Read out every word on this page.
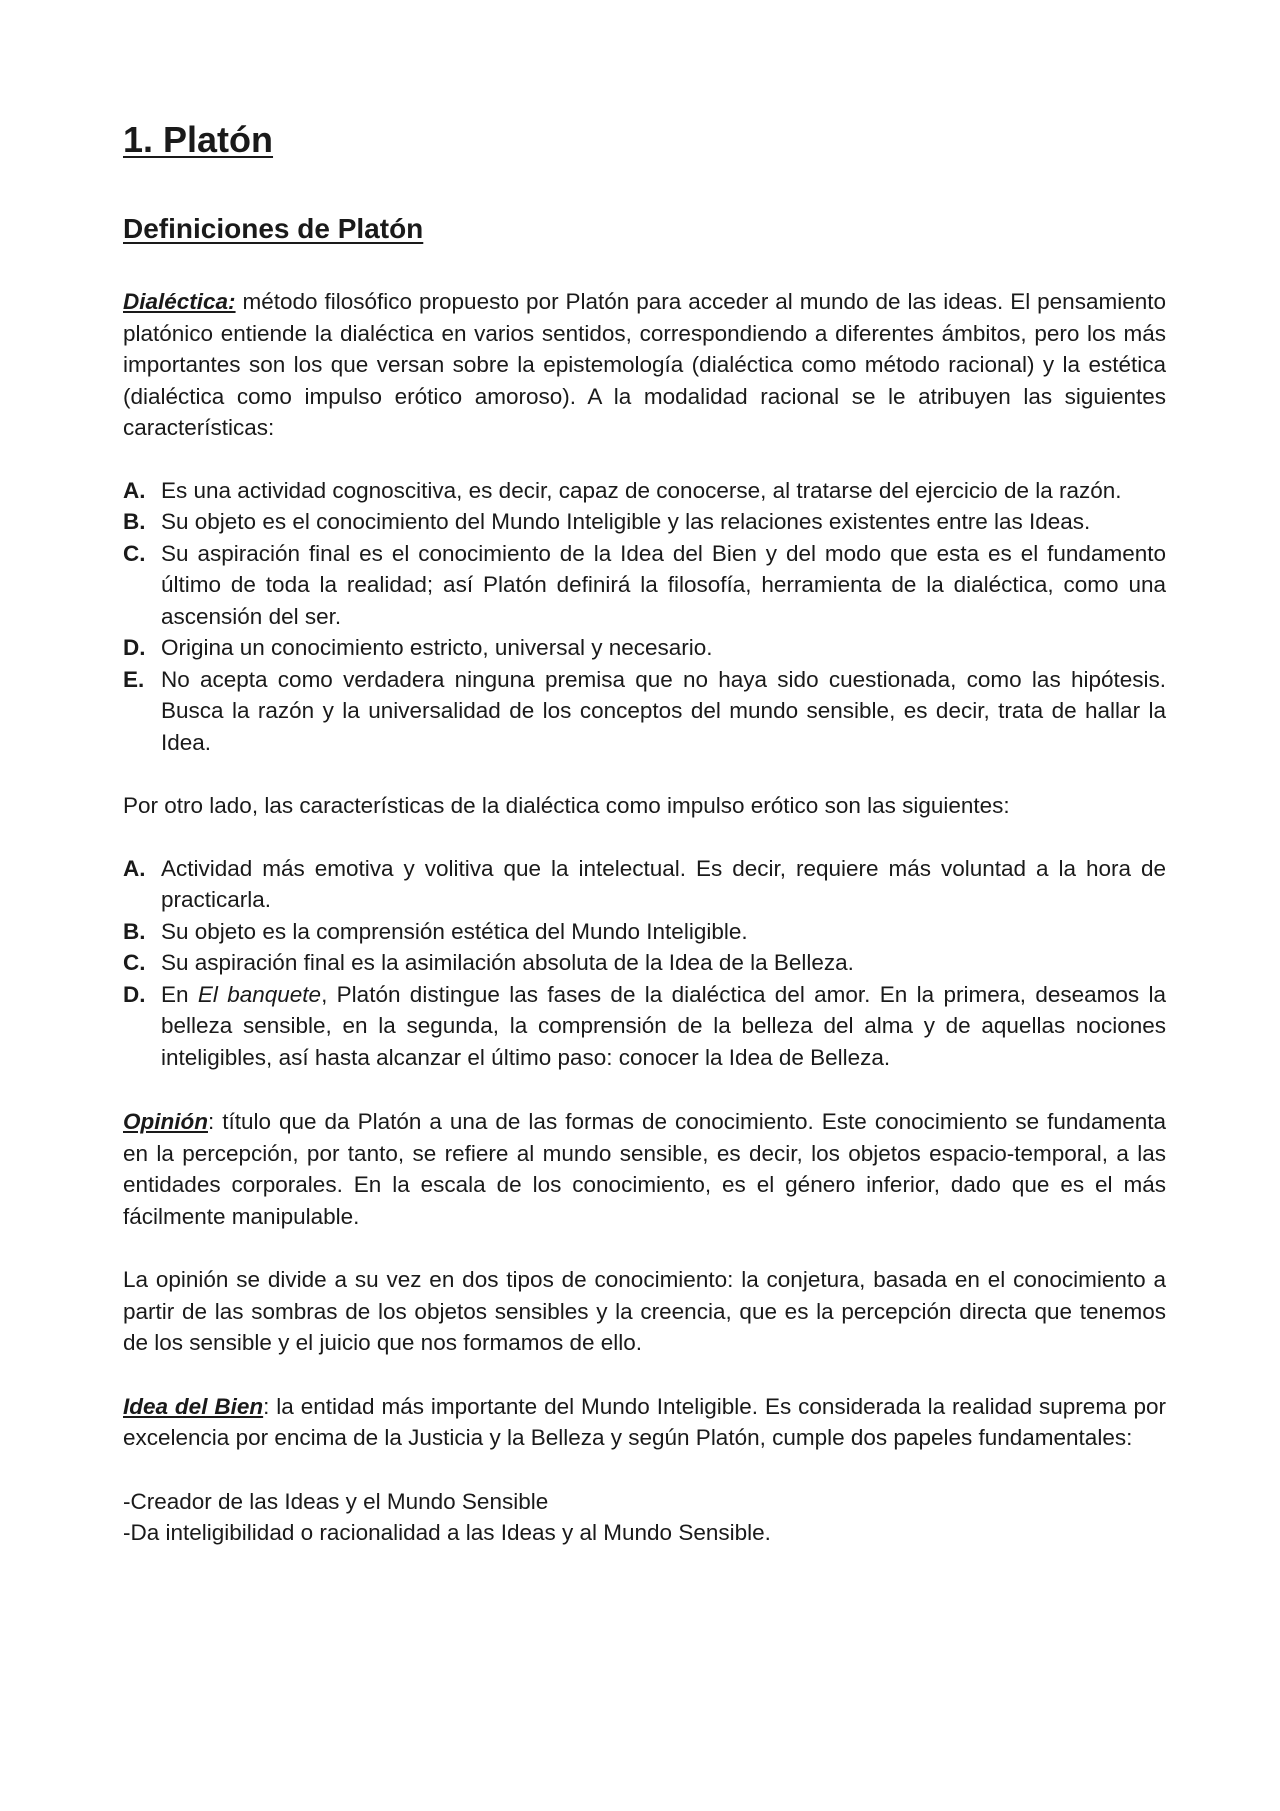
1. Platón
Definiciones de Platón

Dialéctica: método filosófico propuesto por Platón para acceder al mundo de las ideas. El pensamiento platónico entiende la dialéctica en varios sentidos, correspondiendo a diferentes ámbitos, pero los más importantes son los que versan sobre la epistemología (dialéctica como método racional) y la estética (dialéctica como impulso erótico amoroso). A la modalidad racional se le atribuyen las siguientes características:

A. Es una actividad cognoscitiva, es decir, capaz de conocerse, al tratarse del ejercicio de la razón.
B. Su objeto es el conocimiento del Mundo Inteligible y las relaciones existentes entre las Ideas.
C. Su aspiración final es el conocimiento de la Idea del Bien y del modo que esta es el fundamento último de toda la realidad; así Platón definirá la filosofía, herramienta de la dialéctica, como una ascensión del ser.
D. Origina un conocimiento estricto, universal y necesario.
E. No acepta como verdadera ninguna premisa que no haya sido cuestionada, como las hipótesis. Busca la razón y la universalidad de los conceptos del mundo sensible, es decir, trata de hallar la Idea.

Por otro lado, las características de la dialéctica como impulso erótico son las siguientes:

A. Actividad más emotiva y volitiva que la intelectual. Es decir, requiere más voluntad a la hora de practicarla.
B. Su objeto es la comprensión estética del Mundo Inteligible.
C. Su aspiración final es la asimilación absoluta de la Idea de la Belleza.
D. En El banquete, Platón distingue las fases de la dialéctica del amor. En la primera, deseamos la belleza sensible, en la segunda, la comprensión de la belleza del alma y de aquellas nociones inteligibles, así hasta alcanzar el último paso: conocer la Idea de Belleza.

Opinión: título que da Platón a una de las formas de conocimiento. Este conocimiento se fundamenta en la percepción, por tanto, se refiere al mundo sensible, es decir, los objetos espacio-temporal, a las entidades corporales. En la escala de los conocimiento, es el género inferior, dado que es el más fácilmente manipulable.

La opinión se divide a su vez en dos tipos de conocimiento: la conjetura, basada en el conocimiento a partir de las sombras de los objetos sensibles y la creencia, que es la percepción directa que tenemos de los sensible y el juicio que nos formamos de ello.

Idea del Bien: la entidad más importante del Mundo Inteligible. Es considerada la realidad suprema por excelencia por encima de la Justicia y la Belleza y según Platón, cumple dos papeles fundamentales:

-Creador de las Ideas y el Mundo Sensible
-Da inteligibilidad o racionalidad a las Ideas y al Mundo Sensible.
